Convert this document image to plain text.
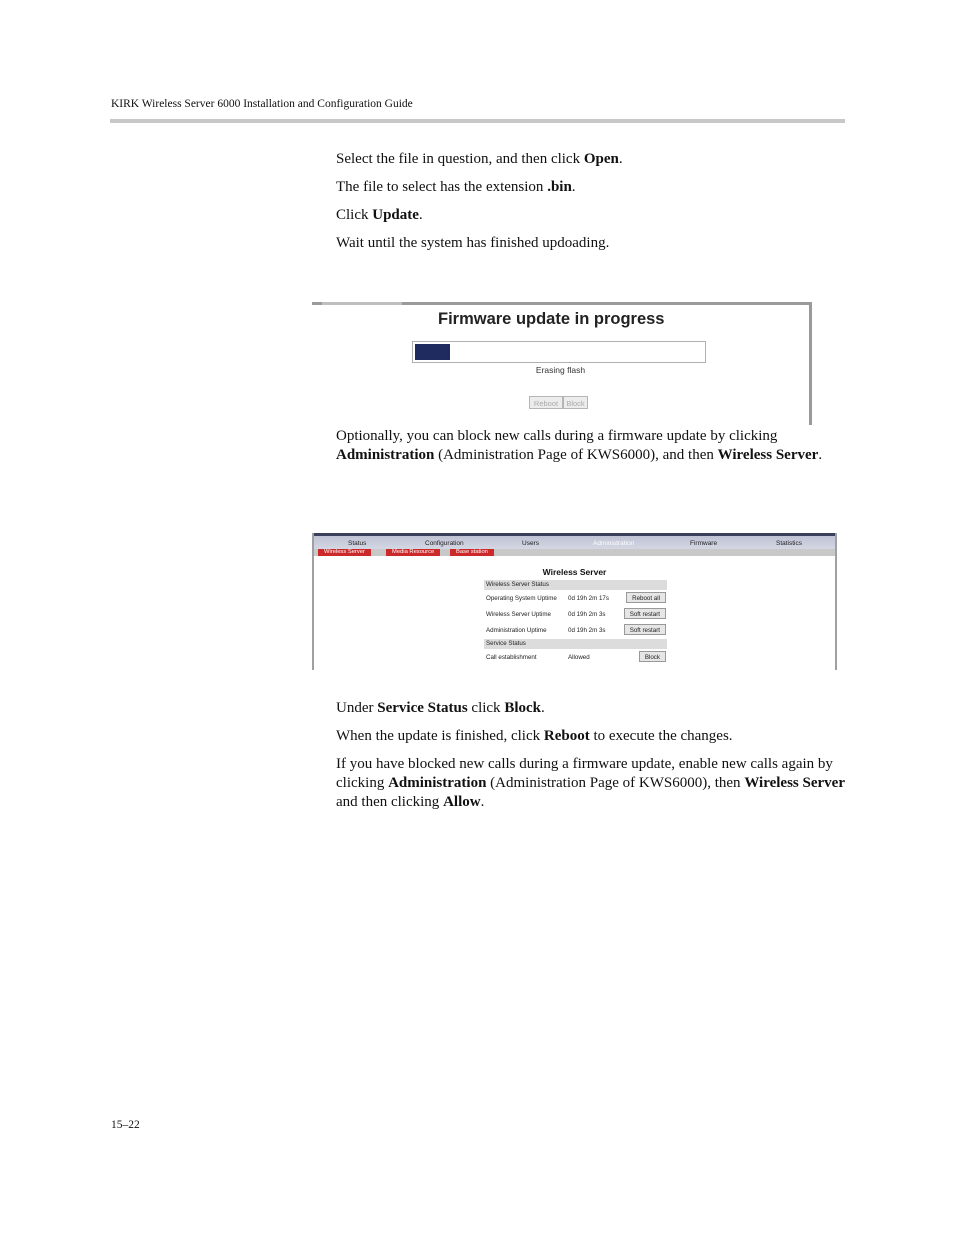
KIRK Wireless Server 6000 Installation and Configuration Guide
Select the file in question, and then click Open.
The file to select has the extension .bin.
Click Update.
Wait until the system has finished updoading.
Firmware update in progress
Erasing flash
Reboot	Block
Optionally, you can block new calls during a firmware update by clicking Administration (Administration Page of KWS6000), and then Wireless Server.
Status	Configuration	Users	Administration	Firmware	Statistics
Wireless Server	Media Resource	Base station
Wireless Server
Wireless Server Status
Operating System Uptime 0d 19h 2m 17s	Reboot all
Wireless Server Uptime	0d 19h 2m 3s	Soft restart
Administration Uptime	0d 19h 2m 3s	Soft restart
Service Status
Call establishment	Allowed	Block
Under Service Status click Block.
When the update is finished, click Reboot to execute the changes.
If you have blocked new calls during a firmware update, enable new calls again by clicking Administration (Administration Page of KWS6000), then Wireless Server and then clicking Allow.
15–22
